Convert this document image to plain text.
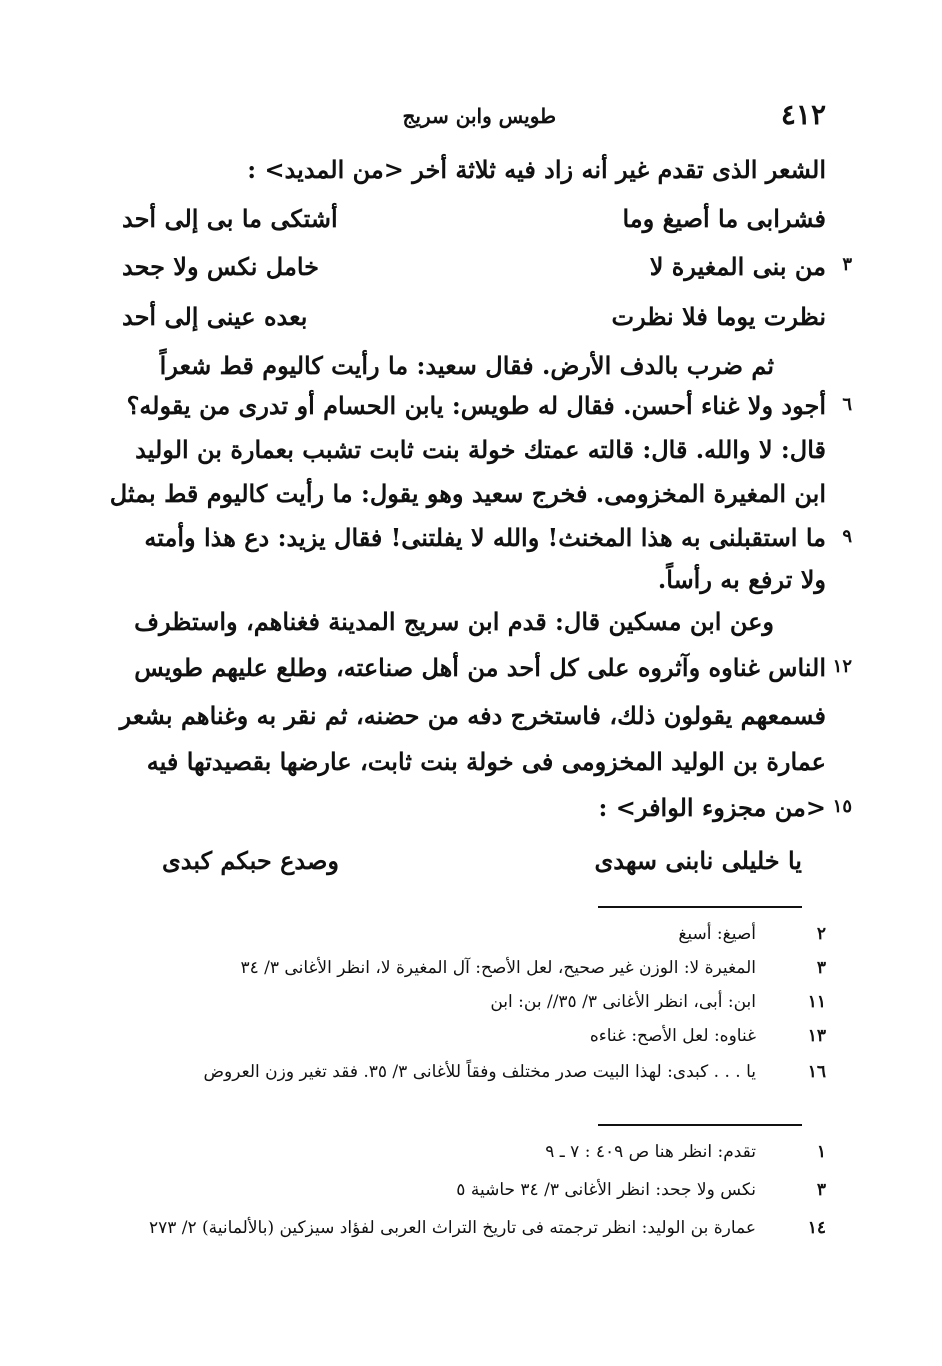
٤١٢
طويس وابن سريج
الشعر الذى تقدم غير أنه زاد فيه ثلاثة أخر <من المديد> :
فشرابى ما أصيغ وما
أشتكى ما بى إلى أحد
٣
من بنى المغيرة لا
خامل نكس ولا جحد
نظرت يوما فلا نظرت
بعده عينى إلى أحد
ثم ضرب بالدف الأرض. فقال سعيد: ما رأيت كاليوم قط شعراً
٦
أجود ولا غناء أحسن. فقال له طويس: يابن الحسام أو تدرى من يقوله؟
قال: لا والله. قال: قالته عمتك خولة بنت ثابت تشبب بعمارة بن الوليد
ابن المغيرة المخزومى. فخرج سعيد وهو يقول: ما رأيت كاليوم قط بمثل
٩
ما استقبلنى به هذا المخنث! والله لا يفلتنى! فقال يزيد: دع هذا وأمته
ولا ترفع به رأساً.
وعن ابن مسكين قال: قدم ابن سريج المدينة فغناهم، واستظرف
١٢
الناس غناوه وآثروه على كل أحد من أهل صناعته، وطلع عليهم طويس
فسمعهم يقولون ذلك، فاستخرج دفه من حضنه، ثم نقر به وغناهم بشعر
عمارة بن الوليد المخزومى فى خولة بنت ثابت، عارضها بقصيدتها فيه
١٥
<من مجزوء الوافر> :
يا خليلى نابنى سهدى
وصدع حبكم كبدى
٢
أصيغ: أسيغ
٣
المغيرة لا: الوزن غير صحيح، لعل الأصح: آل المغيرة لا، انظر الأغانى ٣/ ٣٤
١١
ابن: أبى، انظر الأغانى ٣/ ٣٥// بن: ابن
١٣
غناوه: لعل الأصح: غناءه
١٦
يا . . . كبدى: لهذا البيت صدر مختلف وفقاً للأغانى ٣/ ٣٥. فقد تغير وزن العروض
١
تقدم: انظر هنا ص ٤٠٩ : ٧ ـ ٩
٣
نكس ولا جحد: انظر الأغانى ٣/ ٣٤ حاشية ٥
١٤
عمارة بن الوليد: انظر ترجمته فى تاريخ التراث العربى لفؤاد سيزكين (بالألمانية) ٢/ ٢٧٣
